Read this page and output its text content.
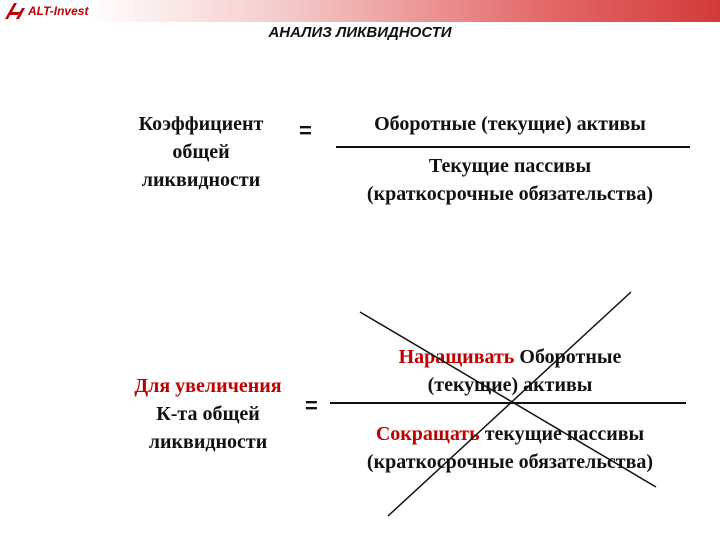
ALT-Invest
АНАЛИЗ ЛИКВИДНОСТИ
Коэффициент
общей
ликвидности
=	Оборотные (текущие) активы
Текущие пассивы
(краткосрочные обязательства)
Для увеличения
К-та общей
ликвидности
=
Наращивать Оборотные
(текущие) активы
Сокращать текущие пассивы
(краткосрочные обязательства)
